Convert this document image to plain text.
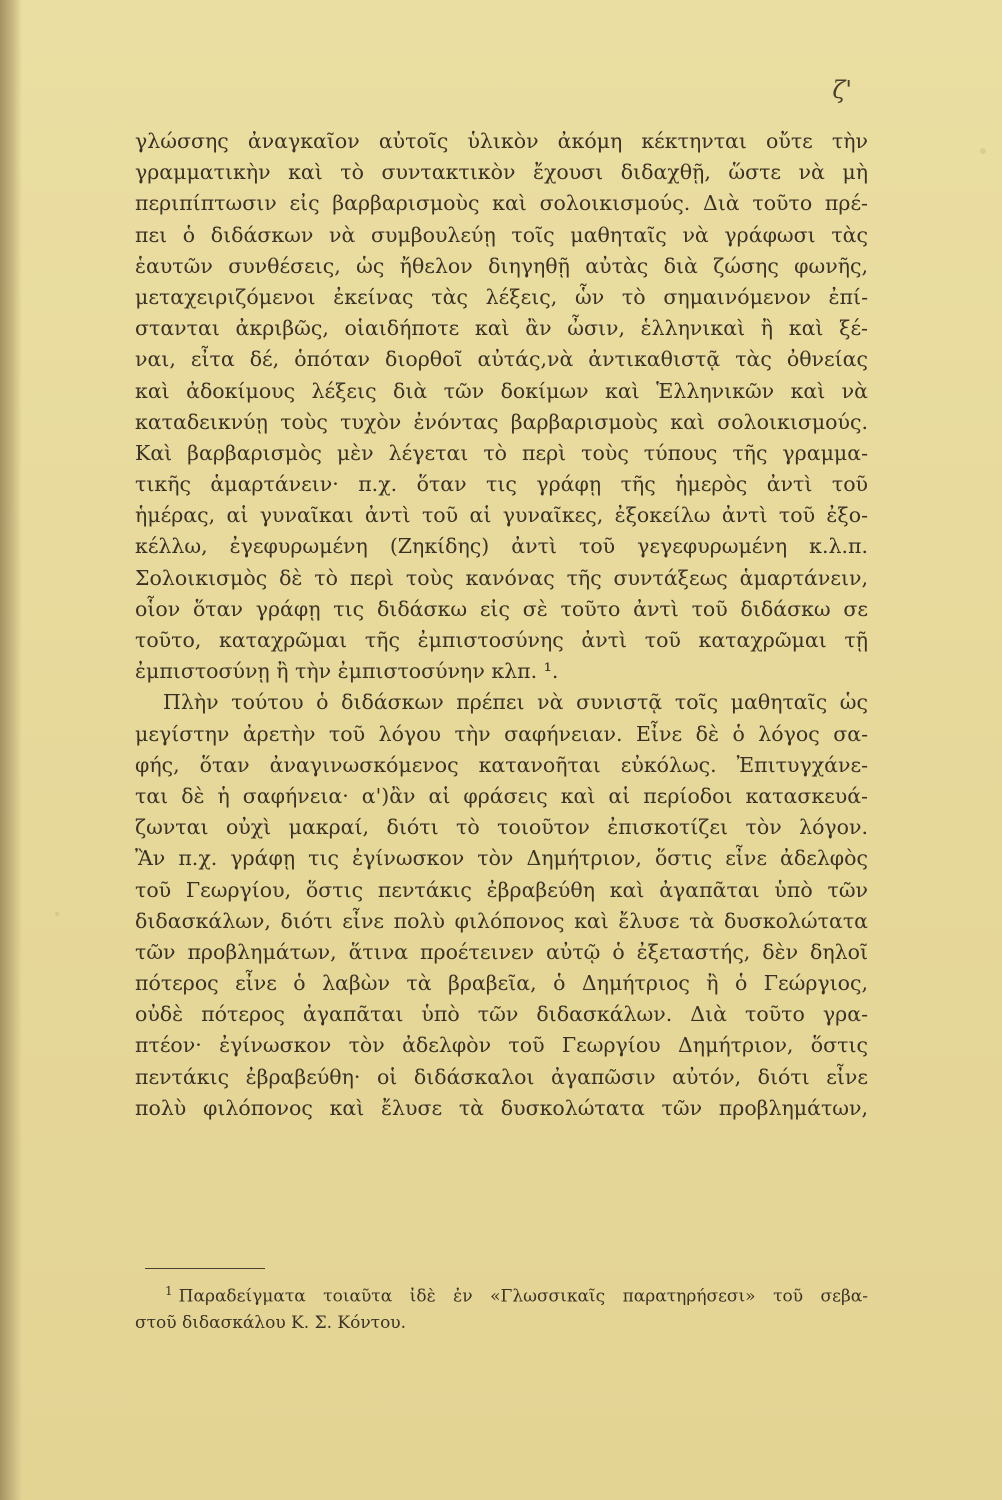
ζ'
γλώσσης ἀναγκαῖον αὐτοῖς ὑλικὸν ἀκόμη κέκτηνται οὔτε τὴν
γραμματικὴν καὶ τὸ συντακτικὸν ἔχουσι διδαχθῇ, ὥστε νὰ μὴ
περιπίπτωσιν εἰς βαρβαρισμοὺς καὶ σολοικισμούς. Διὰ τοῦτο πρέ-
πει ὁ διδάσκων νὰ συμβουλεύῃ τοῖς μαθηταῖς νὰ γράφωσι τὰς
ἑαυτῶν συνθέσεις, ὡς ἤθελον διηγηθῇ αὐτὰς διὰ ζώσης φωνῆς,
μεταχειριζόμενοι ἐκείνας τὰς λέξεις, ὧν τὸ σημαινόμενον ἐπί-
στανται ἀκριβῶς, οἱαιδήποτε καὶ ἂν ὦσιν, ἑλληνικαὶ ἢ καὶ ξέ-
ναι, εἶτα δέ, ὁπόταν διορθοῖ αὐτάς,νὰ ἀντικαθιστᾷ τὰς ὀθνείας
καὶ ἀδοκίμους λέξεις διὰ τῶν δοκίμων καὶ Ἑλληνικῶν καὶ νὰ
καταδεικνύῃ τοὺς τυχὸν ἐνόντας βαρβαρισμοὺς καὶ σολοικισμούς.
Καὶ βαρβαρισμὸς μὲν λέγεται τὸ περὶ τοὺς τύπους τῆς γραμμα-
τικῆς ἁμαρτάνειν· π.χ. ὅταν τις γράφῃ τῆς ἡμερὸς ἀντὶ τοῦ
ἡμέρας, αἱ γυναῖκαι ἀντὶ τοῦ αἱ γυναῖκες, ἐξοκείλω ἀντὶ τοῦ ἐξο-
κέλλω, ἐγεφυρωμένη (Ζηκίδης) ἀντὶ τοῦ γεγεφυρωμένη κ.λ.π.
Σολοικισμὸς δὲ τὸ περὶ τοὺς κανόνας τῆς συντάξεως ἁμαρτάνειν,
οἷον ὅταν γράφῃ τις διδάσκω εἰς σὲ τοῦτο ἀντὶ τοῦ διδάσκω σε
τοῦτο, καταχρῶμαι τῆς ἐμπιστοσύνης ἀντὶ τοῦ καταχρῶμαι τῇ
ἐμπιστοσύνῃ ἢ τὴν ἐμπιστοσύνην κλπ. ¹.
Πλὴν τούτου ὁ διδάσκων πρέπει νὰ συνιστᾷ τοῖς μαθηταῖς ὡς
μεγίστην ἀρετὴν τοῦ λόγου τὴν σαφήνειαν. Εἶνε δὲ ὁ λόγος σα-
φής, ὅταν ἀναγινωσκόμενος κατανοῆται εὐκόλως. Ἐπιτυγχάνε-
ται δὲ ἡ σαφήνεια· α')ἂν αἱ φράσεις καὶ αἱ περίοδοι κατασκευά-
ζωνται οὐχὶ μακραί, διότι τὸ τοιοῦτον ἐπισκοτίζει τὸν λόγον.
Ἂν π.χ. γράφῃ τις ἐγίνωσκον τὸν Δημήτριον, ὅστις εἶνε ἀδελφὸς
τοῦ Γεωργίου, ὅστις πεντάκις ἐβραβεύθη καὶ ἀγαπᾶται ὑπὸ τῶν
διδασκάλων, διότι εἶνε πολὺ φιλόπονος καὶ ἔλυσε τὰ δυσκολώτατα
τῶν προβλημάτων, ἅτινα προέτεινεν αὐτῷ ὁ ἐξεταστής, δὲν δηλοῖ
πότερος εἶνε ὁ λαβὼν τὰ βραβεῖα, ὁ Δημήτριος ἢ ὁ Γεώργιος,
οὐδὲ πότερος ἀγαπᾶται ὑπὸ τῶν διδασκάλων. Διὰ τοῦτο γρα-
πτέον· ἐγίνωσκον τὸν ἀδελφὸν τοῦ Γεωργίου Δημήτριον, ὅστις
πεντάκις ἐβραβεύθη· οἱ διδάσκαλοι ἀγαπῶσιν αὐτόν, διότι εἶνε
πολὺ φιλόπονος καὶ ἔλυσε τὰ δυσκολώτατα τῶν προβλημάτων,
$^1$ Παραδείγματα τοιαῦτα ἰδὲ ἐν «Γλωσσικαῖς παρατηρήσεσι» τοῦ σεβα-
στοῦ διδασκάλου Κ. Σ. Κόντου.
